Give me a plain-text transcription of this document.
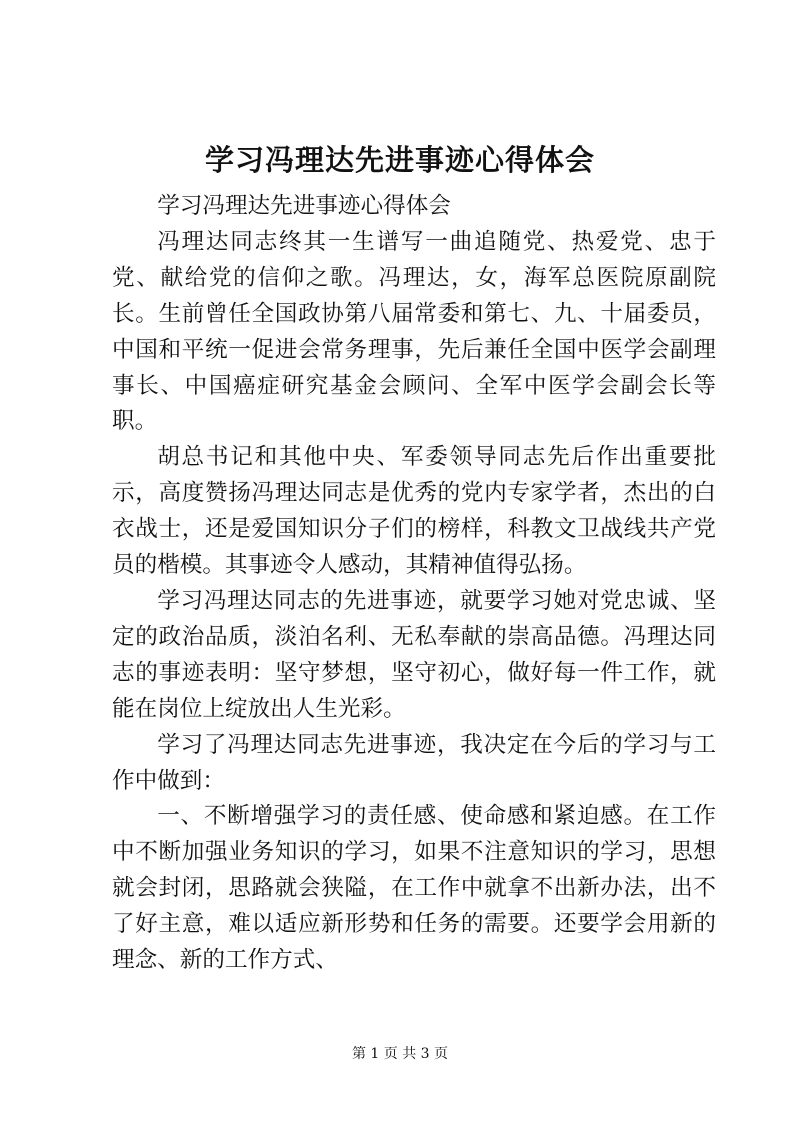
学习冯理达先进事迹心得体会

学习冯理达先进事迹心得体会

冯理达同志终其一生谱写一曲追随党、热爱党、忠于党、献给党的信仰之歌。冯理达，女，海军总医院原副院长。生前曾任全国政协第八届常委和第七、九、十届委员，中国和平统一促进会常务理事，先后兼任全国中医学会副理事长、中国癌症研究基金会顾问、全军中医学会副会长等职。

胡总书记和其他中央、军委领导同志先后作出重要批示，高度赞扬冯理达同志是优秀的党内专家学者，杰出的白衣战士，还是爱国知识分子们的榜样，科教文卫战线共产党员的楷模。其事迹令人感动，其精神值得弘扬。

学习冯理达同志的先进事迹，就要学习她对党忠诚、坚定的政治品质，淡泊名利、无私奉献的崇高品德。冯理达同志的事迹表明：坚守梦想，坚守初心，做好每一件工作，就能在岗位上绽放出人生光彩。

学习了冯理达同志先进事迹，我决定在今后的学习与工作中做到：

一、不断增强学习的责任感、使命感和紧迫感。在工作中不断加强业务知识的学习，如果不注意知识的学习，思想就会封闭，思路就会狭隘，在工作中就拿不出新办法，出不了好主意，难以适应新形势和任务的需要。还要学会用新的理念、新的工作方式、

第 1 页 共 3 页
